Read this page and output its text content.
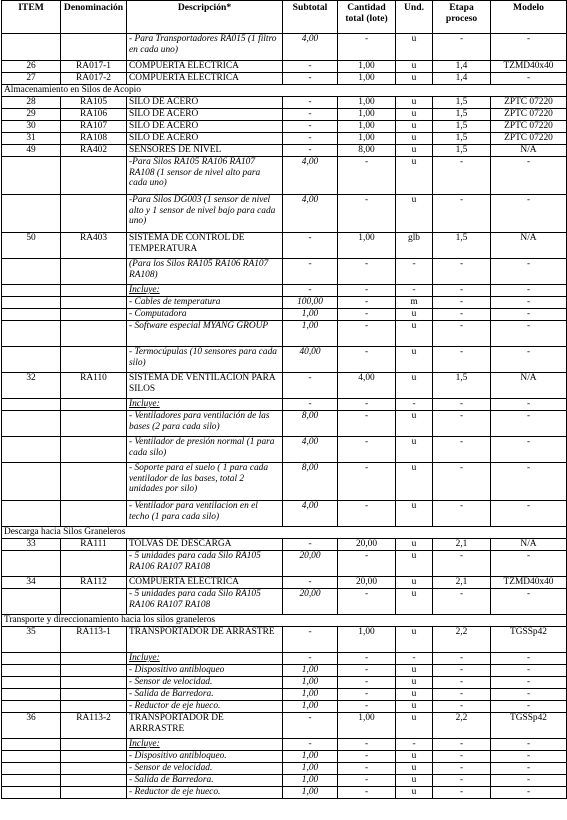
ITEM	Denominación	Descripción*	Subtotal	Cantidad total (lote)	Und.	Etapa proceso	Modelo
		- Para Transportadores RA015 (1 filtro en cada uno)	4,00	-	u	-	-
26	RA017-1	COMPUERTA ELECTRICA	-	1,00	u	1,4	TZMD40x40
27	RA017-2	COMPUERTA ELECTRICA	-	1,00	u	1,4	-
Almacenamiento en Silos de Acopio							
28	RA105	SILO DE ACERO	-	1,00	u	1,5	ZPTC 07220
29	RA106	SILO DE ACERO	-	1,00	u	1,5	ZPTC 07220
30	RA107	SILO DE ACERO	-	1,00	u	1,5	ZPTC 07220
31	RA108	SILO DE ACERO	-	1,00	u	1,5	ZPTC 07220
49	RA402	SENSORES DE NIVEL	-	8,00	u	1,5	N/A
		-Para Silos RA105 RA106 RA107 RA108 (1 sensor de nivel alto para cada uno)	4,00	-	u	-	-
		-Para Silos DG003 (1 sensor de nivel alto y 1 sensor de nivel bajo para cada uno)	4,00	-	u	-	-
50	RA403	SISTEMA DE CONTROL DE TEMPERATURA	-	1,00	glb	1,5	N/A
		(Para los Silos RA105 RA106 RA107 RA108)	-	-	-	-	-
		Incluye:	-	-	-	-	-
		- Cables de temperatura	100,00	-	m	-	-
		- Computadora	1,00	-	u	-	-
		- Software especial MYANG GROUP	1,00	-	u	-	-
		- Termocúpulas (10 sensores para cada silo)	40,00	-	u	-	-
32	RA110	SISTEMA DE VENTILACION PARA SILOS	-	4,00	u	1,5	N/A
		Incluye:	-	-	-	-	-
		- Ventiladores para ventilación de las bases (2 para cada silo)	8,00	-	u	-	-
		- Ventilador de presión normal (1 para cada silo)	4,00	-	u	-	-
		- Soporte para el suelo ( 1 para cada ventilador de las bases, total 2 unidades por silo)	8,00	-	u	-	-
		- Ventilador para ventilacion en el techo (1 para cada silo)	4,00	-	u	-	-
Descarga hacia Silos Graneleros							
33	RA111	TOLVAS DE DESCARGA	-	20,00	u	2,1	N/A
		- 5 unidades para cada Silo RA105 RA106 RA107 RA108	20,00	-	u	-	-
34	RA112	COMPUERTA ELECTRICA	-	20,00	u	2,1	TZMD40x40
		- 5 unidades para cada Silo RA105 RA106 RA107 RA108	20,00	-	u	-	-
Transporte y direccionamiento hacia los silos graneleros							
35	RA113-1	TRANSPORTADOR DE ARRASTRE	-	1,00	u	2,2	TGSSp42
		Incluye:	-	-	-	-	-
		- Dispositivo antibloqueo	1,00	-	u	-	-
		- Sensor de velocidad.	1,00	-	u	-	-
		- Salida de Barredora.	1,00	-	u	-	-
		- Reductor de eje hueco.	1,00	-	u	-	-
36	RA113-2	TRANSPORTADOR DE ARRRASTRE	-	1,00	u	2,2	TGSSp42
		Incluye:	-	-	-	-	-
		- Dispositivo antibloqueo.	1,00	-	u	-	-
		- Sensor de velocidad.	1,00	-	u	-	-
		- Salida de Barredora.	1,00	-	u	-	-
		- Reductor de eje hueco.	1,00	-	u	-	-
